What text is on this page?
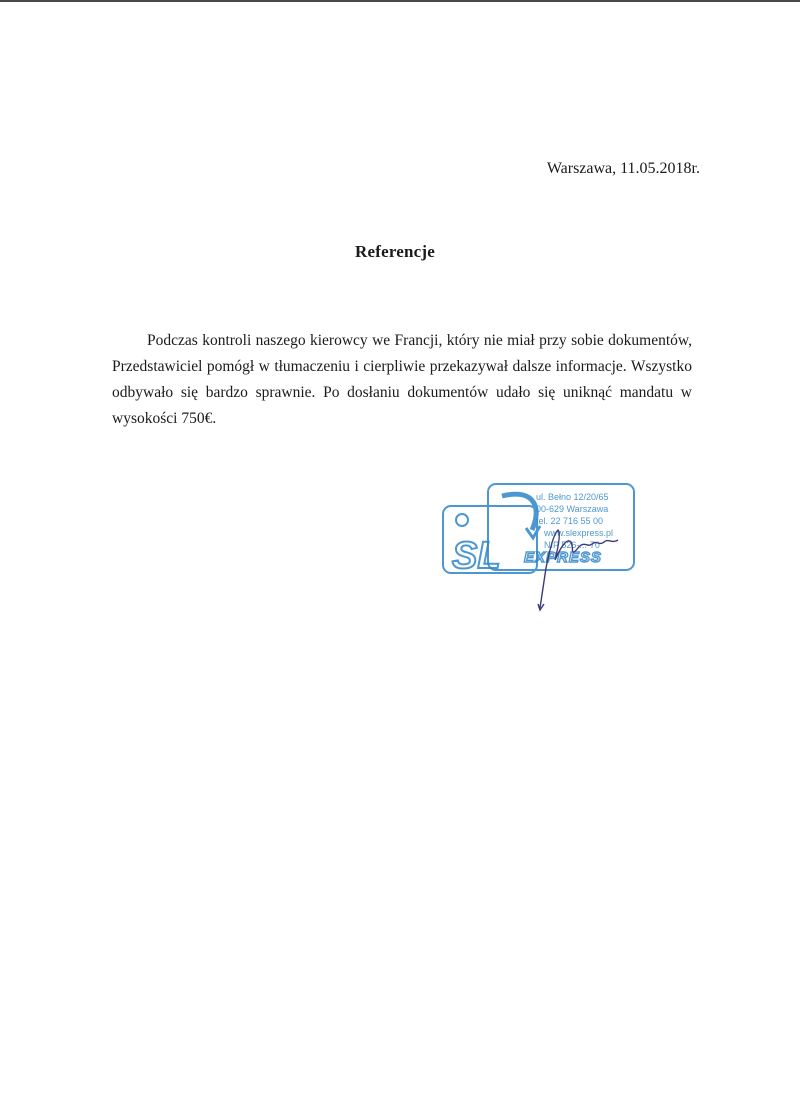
Warszawa, 11.05.2018r.
Referencje

Podczas kontroli naszego kierowcy we Francji, który nie miał przy sobie dokumentów, Przedstawiciel pomógł w tłumaczeniu i cierpliwie przekazywał dalsze informacje. Wszystko odbywało się bardzo sprawnie. Po dosłaniu dokumentów udało się uniknąć mandatu w wysokości 750€.

SL EXPRESS
ul. Bełno 12/20/65
00-629 Warszawa
tel. 22 716 55 00
www.slexpress.pl
NIP 526-...-70
